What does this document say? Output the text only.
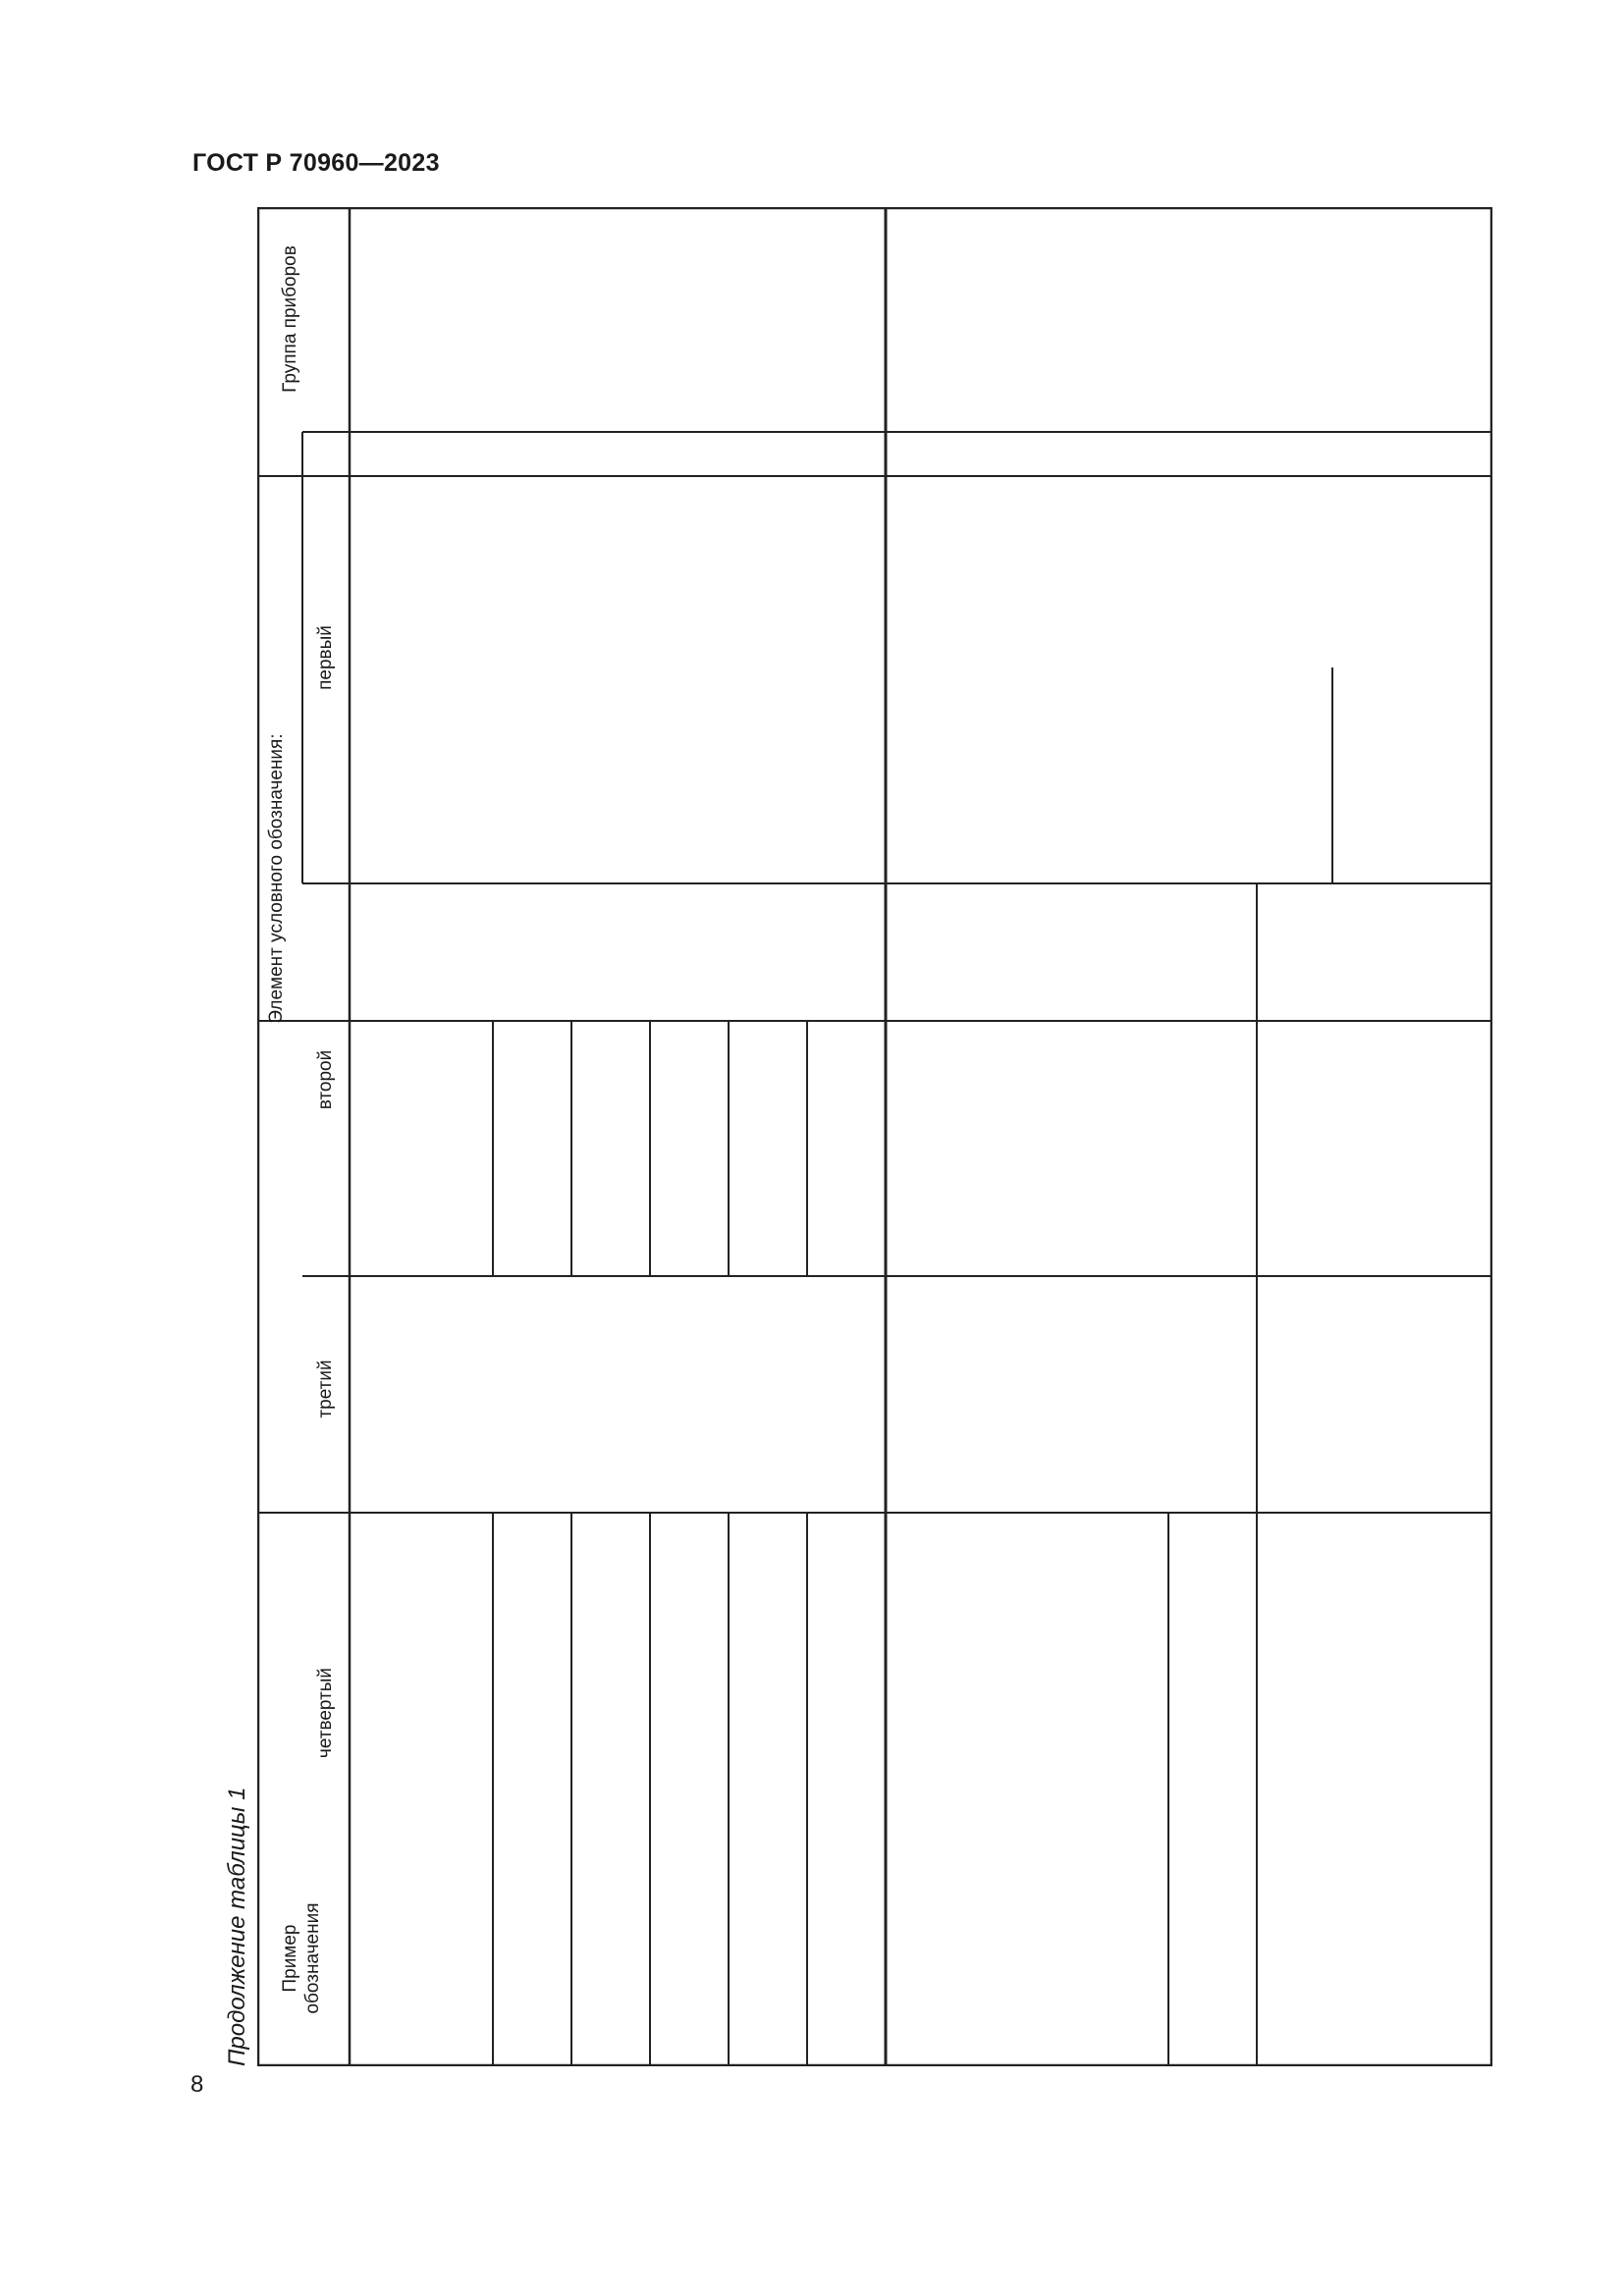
ГОСТ Р 70960—2023
8
Продолжение таблицы 1
Группа приборов
Элемент условного обозначения:
первый
второй
третий
четвертый

Пример обозначения
